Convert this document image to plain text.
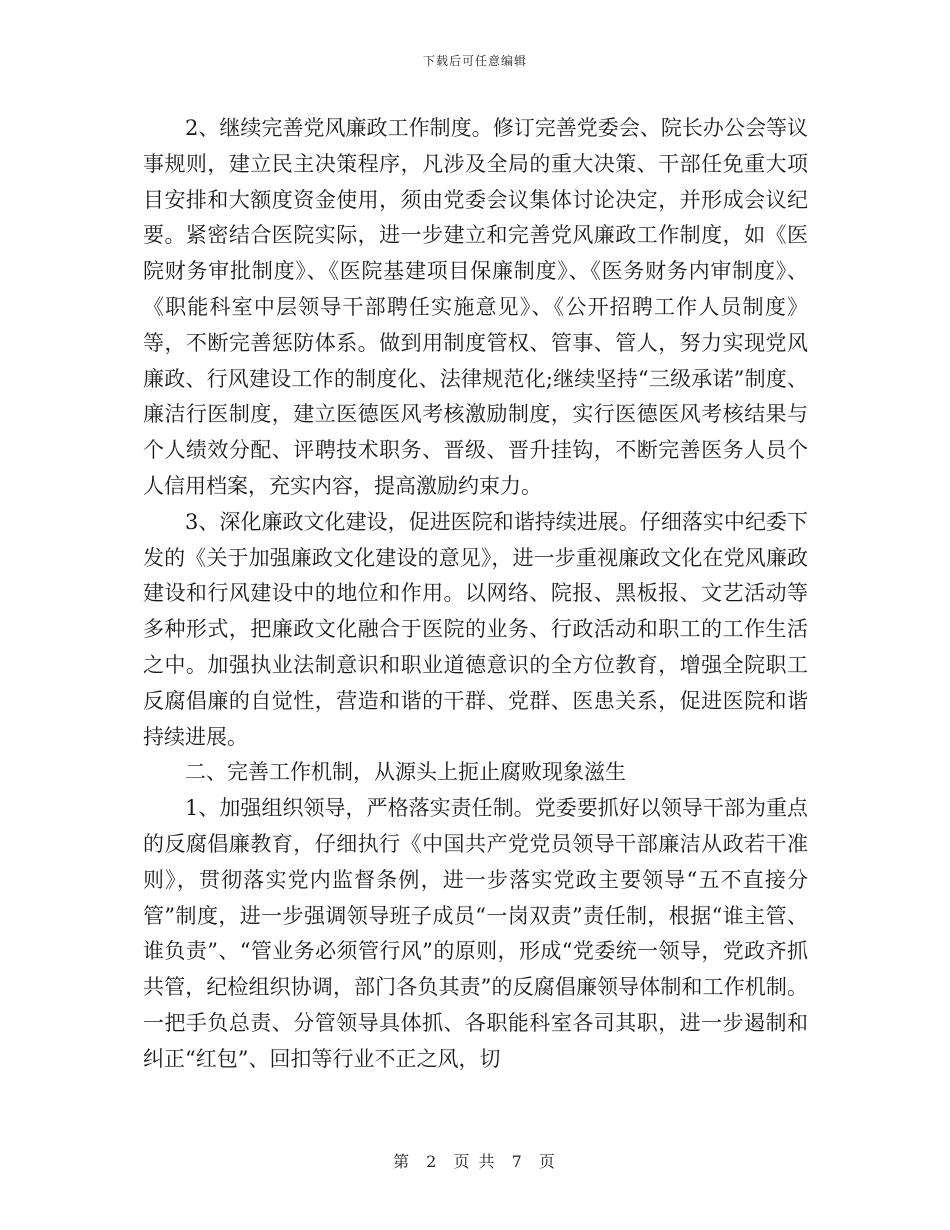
下载后可任意编辑

2、继续完善党风廉政工作制度。修订完善党委会、院长办公会等议事规则，建立民主决策程序，凡涉及全局的重大决策、干部任免重大项目安排和大额度资金使用，须由党委会议集体讨论决定，并形成会议纪要。紧密结合医院实际，进一步建立和完善党风廉政工作制度，如《医院财务审批制度》、《医院基建项目保廉制度》、《医务财务内审制度》、《职能科室中层领导干部聘任实施意见》、《公开招聘工作人员制度》等，不断完善惩防体系。做到用制度管权、管事、管人，努力实现党风廉政、行风建设工作的制度化、法律规范化;继续坚持“三级承诺”制度、廉洁行医制度，建立医德医风考核激励制度，实行医德医风考核结果与个人绩效分配、评聘技术职务、晋级、晋升挂钩，不断完善医务人员个人信用档案，充实内容，提高激励约束力。

3、深化廉政文化建设，促进医院和谐持续进展。仔细落实中纪委下发的《关于加强廉政文化建设的意见》，进一步重视廉政文化在党风廉政建设和行风建设中的地位和作用。以网络、院报、黑板报、文艺活动等多种形式，把廉政文化融合于医院的业务、行政活动和职工的工作生活之中。加强执业法制意识和职业道德意识的全方位教育，增强全院职工反腐倡廉的自觉性，营造和谐的干群、党群、医患关系，促进医院和谐持续进展。

二、完善工作机制，从源头上扼止腐败现象滋生

1、加强组织领导，严格落实责任制。党委要抓好以领导干部为重点的反腐倡廉教育，仔细执行《中国共产党党员领导干部廉洁从政若干准则》，贯彻落实党内监督条例，进一步落实党政主要领导“五不直接分管”制度，进一步强调领导班子成员“一岗双责”责任制，根据“谁主管、谁负责”、“管业务必须管行风”的原则，形成“党委统一领导，党政齐抓共管，纪检组织协调，部门各负其责”的反腐倡廉领导体制和工作机制。一把手负总责、分管领导具体抓、各职能科室各司其职，进一步遏制和纠正“红包”、回扣等行业不正之风，切

第 2 页 共 7 页
